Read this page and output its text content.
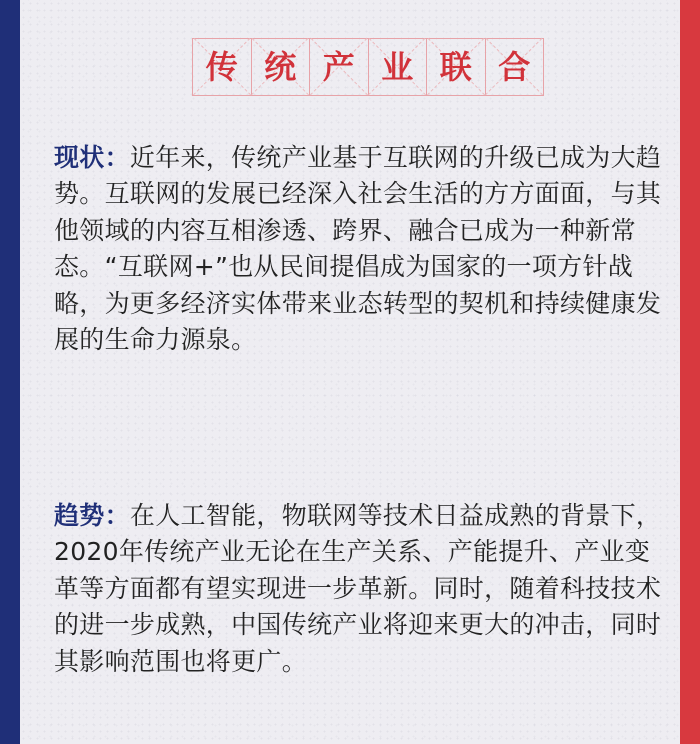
传 统 产 业 联 合

现状：近年来，传统产业基于互联网的升级已成为大趋势。互联网的发展已经深入社会生活的方方面面，与其他领域的内容互相渗透、跨界、融合已成为一种新常态。“互联网+”也从民间提倡成为国家的一项方针战略，为更多经济实体带来业态转型的契机和持续健康发展的生命力源泉。

趋势：在人工智能，物联网等技术日益成熟的背景下，2020年传统产业无论在生产关系、产能提升、产业变革等方面都有望实现进一步革新。同时，随着科技技术的进一步成熟，中国传统产业将迎来更大的冲击，同时其影响范围也将更广。
